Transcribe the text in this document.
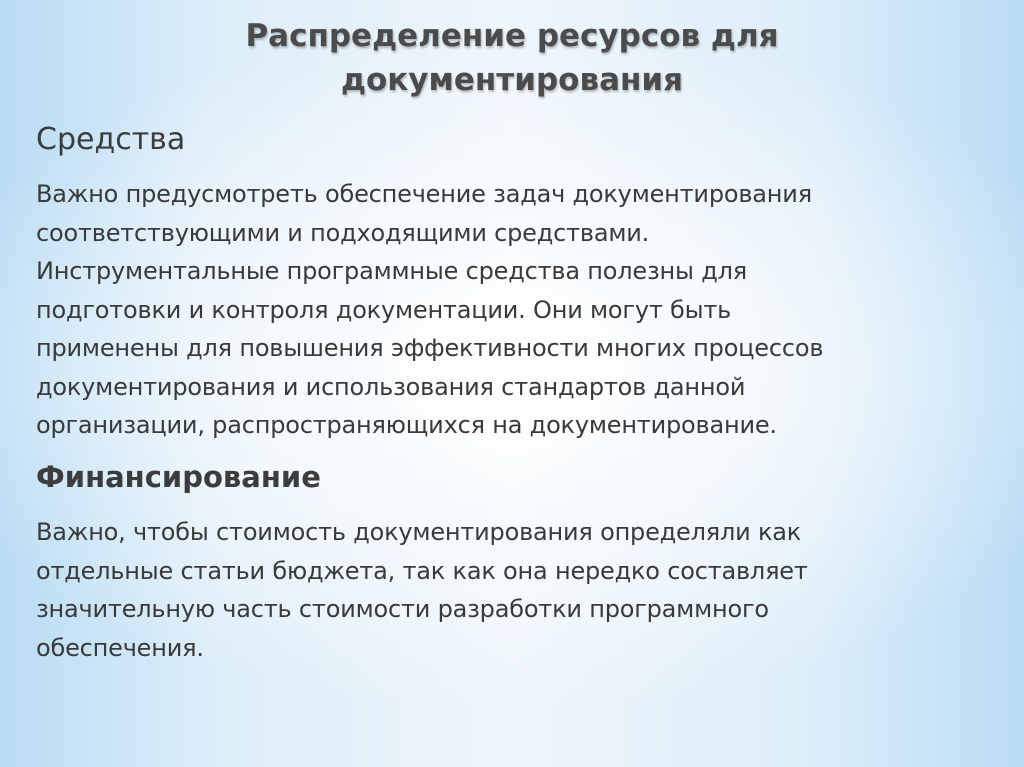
Распределение ресурсов для
документирования
Средства
Важно предусмотреть обеспечение задач документирования
соответствующими и подходящими средствами.
Инструментальные программные средства полезны для
подготовки и контроля документации. Они могут быть
применены для повышения эффективности многих процессов
документирования и использования стандартов данной
организации, распространяющихся на документирование.
Финансирование
Важно, чтобы стоимость документирования определяли как
отдельные статьи бюджета, так как она нередко составляет
значительную часть стоимости разработки программного
обеспечения.
